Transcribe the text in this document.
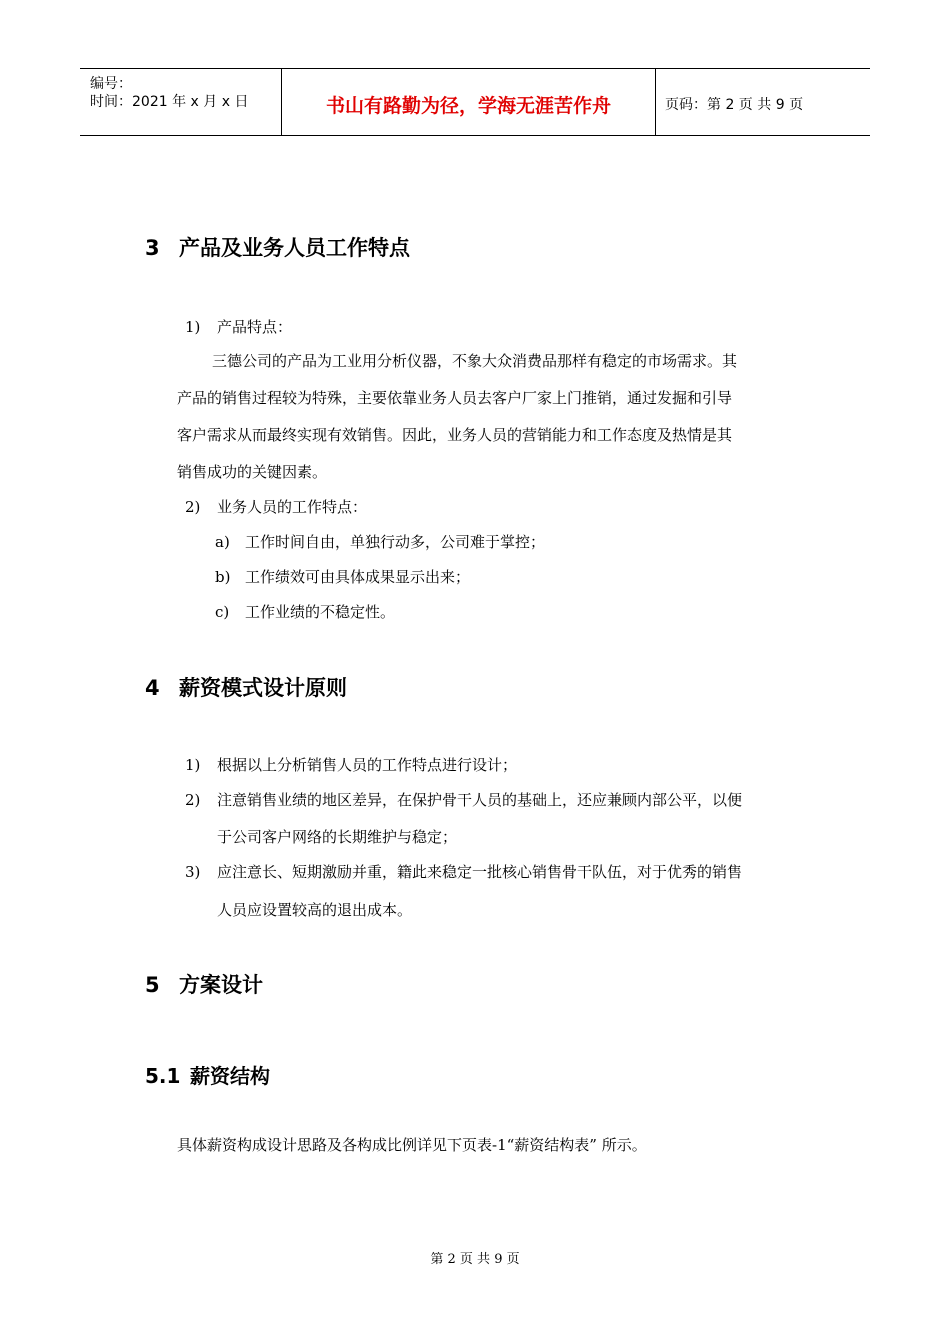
编号：
时间：2021 年 x 月 x 日	书山有路勤为径，学海无涯苦作舟	页码：第 2 页 共 9 页
3 产品及业务人员工作特点
1) 产品特点：
三德公司的产品为工业用分析仪器，不象大众消费品那样有稳定的市场需求。其
产品的销售过程较为特殊，主要依靠业务人员去客户厂家上门推销，通过发掘和引导
客户需求从而最终实现有效销售。因此，业务人员的营销能力和工作态度及热情是其
销售成功的关键因素。
2) 业务人员的工作特点：
a) 工作时间自由，单独行动多，公司难于掌控；
b) 工作绩效可由具体成果显示出来；
c) 工作业绩的不稳定性。
4 薪资模式设计原则
1) 根据以上分析销售人员的工作特点进行设计；
2) 注意销售业绩的地区差异，在保护骨干人员的基础上，还应兼顾内部公平，以便
于公司客户网络的长期维护与稳定；
3) 应注意长、短期激励并重，籍此来稳定一批核心销售骨干队伍，对于优秀的销售
人员应设置较高的退出成本。
5 方案设计
5.1 薪资结构
具体薪资构成设计思路及各构成比例详见下页表-1“薪资结构表” 所示。
第 2 页 共 9 页
